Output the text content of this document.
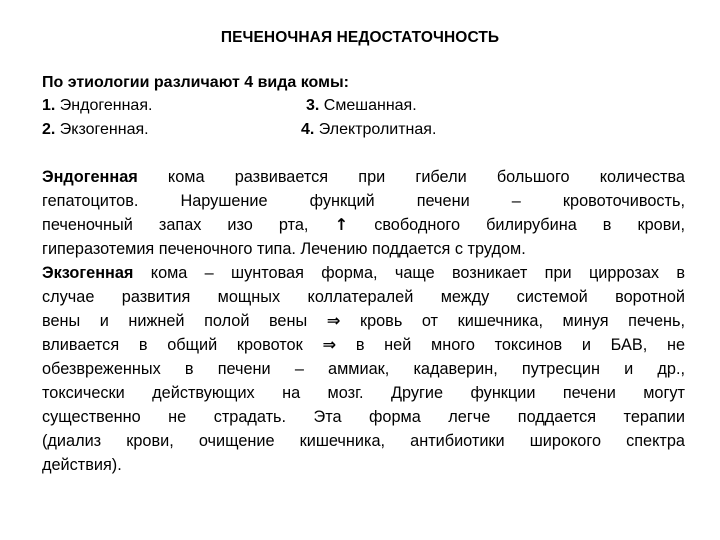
ПЕЧЕНОЧНАЯ НЕДОСТАТОЧНОСТЬ
По этиологии различают 4 вида комы:
1. Эндогенная.	3. Смешанная.
2. Экзогенная.	4. Электролитная.
Эндогенная кома развивается при гибели большого количества
гепатоцитов. Нарушение функций печени – кровоточивость,
печеночный запах изо рта, ↑ свободного билирубина в крови,
гиперазотемия печеночного типа. Лечению поддается с трудом.
Экзогенная кома – шунтовая форма, чаще возникает при циррозах в
случае развития мощных коллатералей между системой воротной
вены и нижней полой вены ⇒ кровь от кишечника, минуя печень,
вливается в общий кровоток ⇒ в ней много токсинов и БАВ, не
обезвреженных в печени – аммиак, кадаверин, путресцин и др.,
токсически действующих на мозг. Другие функции печени могут
существенно не страдать. Эта форма легче поддается терапии
(диализ крови, очищение кишечника, антибиотики широкого спектра
действия).
